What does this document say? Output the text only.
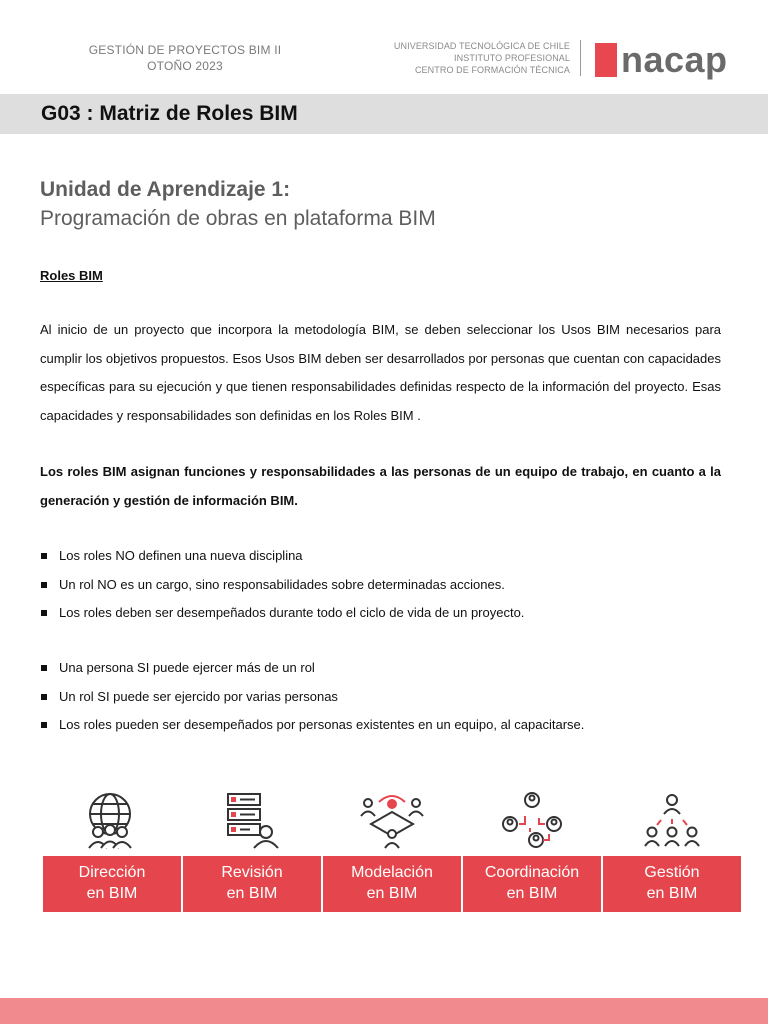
GESTIÓN DE PROYECTOS BIM II
OTOÑO 2023
UNIVERSIDAD TECNOLÓGICA DE CHILE
INSTITUTO PROFESIONAL
CENTRO DE FORMACIÓN TÉCNICA nacap
G03 : Matriz de Roles BIM
Unidad de Aprendizaje 1:
Programación de obras en plataforma BIM
Roles BIM

Al inicio de un proyecto que incorpora la metodología BIM, se deben seleccionar los Usos BIM necesarios para cumplir los objetivos propuestos. Esos Usos BIM deben ser desarrollados por personas que cuentan con capacidades específicas para su ejecución y que tienen responsabilidades definidas respecto de la información del proyecto. Esas capacidades y responsabilidades son definidas en los Roles BIM .

Los roles BIM asignan funciones y responsabilidades a las personas de un equipo de trabajo, en cuanto a la generación y gestión de información BIM.

Los roles NO definen una nueva disciplina
Un rol NO es un cargo, sino responsabilidades sobre determinadas acciones.
Los roles deben ser desempeñados durante todo el ciclo de vida de un proyecto.
Una persona SI puede ejercer más de un rol
Un rol SI puede ser ejercido por varias personas
Los roles pueden ser desempeñados por personas existentes en un equipo, al capacitarse.
Dirección
en BIM
Revisión
en BIM
Modelación
en BIM
Coordinación
en BIM
Gestión
en BIM
